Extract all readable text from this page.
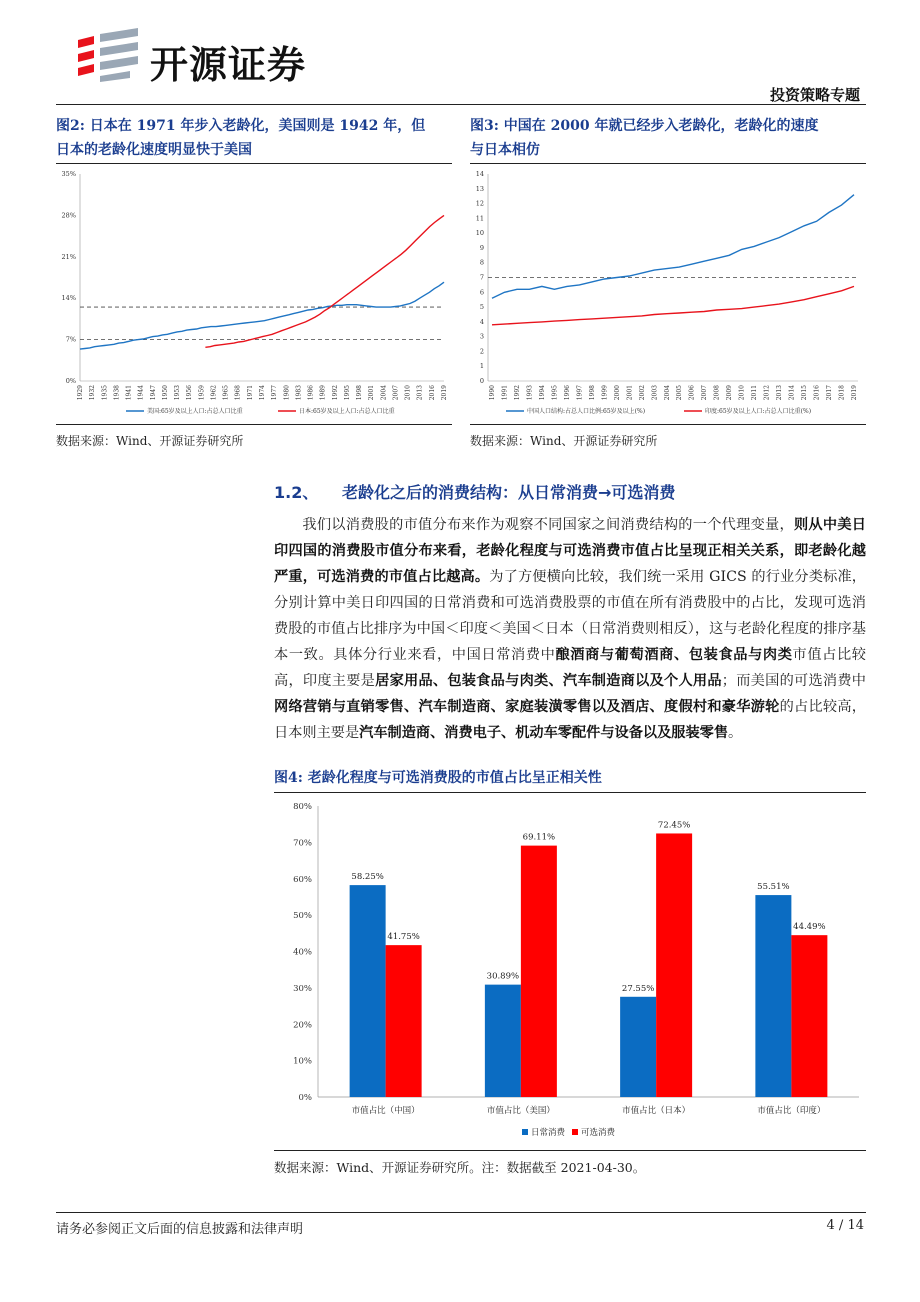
开源证券
投资策略专题
图2: 日本在 1971 年步入老龄化，美国则是 1942 年，但
日本的老龄化速度明显快于美国
0%
7%
14%
21%
28%
35%
1929 1932 1935 1938 1941 1944 1947 1950 1953 1956 1959 1962 1965 1968 1971 1974 1977 1980 1983 1986 1989 1992 1995 1998 2001 2004 2007 2010 2013 2016 2019
美国:65岁及以上人口:占总人口比重	日本:65岁及以上人口:占总人口比重
数据来源：Wind、开源证券研究所
图3: 中国在 2000 年就已经步入老龄化，老龄化的速度
与日本相仿
0
1
2
3
4
5
6
7
8
9
10
11
12
13
14
1990 1991 1992 1993 1994 1995 1996 1997 1998 1999 2000 2001 2002 2003 2004 2005 2006 2007 2008 2009 2010 2011 2012 2013 2014 2015 2016 2017 2018 2019
中国人口结构:占总人口比例:65岁及以上(%)	印度:65岁及以上人口:占总人口比重(%)
数据来源：Wind、开源证券研究所
1.2、 老龄化之后的消费结构：从日常消费→可选消费
我们以消费股的市值分布来作为观察不同国家之间消费结构的一个代理变量，则从中美日印四国的消费股市值分布来看，老龄化程度与可选消费市值占比呈现正相关关系，即老龄化越严重，可选消费的市值占比越高。为了方便横向比较，我们统一采用 GICS 的行业分类标准，分别计算中美日印四国的日常消费和可选消费股票的市值在所有消费股中的占比，发现可选消费股的市值占比排序为中国＜印度＜美国＜日本（日常消费则相反），这与老龄化程度的排序基本一致。具体分行业来看，中国日常消费中酿酒商与葡萄酒商、包装食品与肉类市值占比较高，印度主要是居家用品、包装食品与肉类、汽车制造商以及个人用品；而美国的可选消费中网络营销与直销零售、汽车制造商、家庭装潢零售以及酒店、度假村和豪华游轮的占比较高，日本则主要是汽车制造商、消费电子、机动车零配件与设备以及服装零售。
图4: 老龄化程度与可选消费股的市值占比呈正相关性
0%
10%
20%
30%
40%
50%
60%
70%
80%
58.25%
41.75%
市值占比（中国）
30.89%
69.11%
市值占比（美国）
27.55%
72.45%
市值占比（日本）
55.51%
44.49%
市值占比（印度）
日常消费 可选消费
数据来源：Wind、开源证券研究所。注：数据截至 2021-04-30。
请务必参阅正文后面的信息披露和法律声明	4 / 14
